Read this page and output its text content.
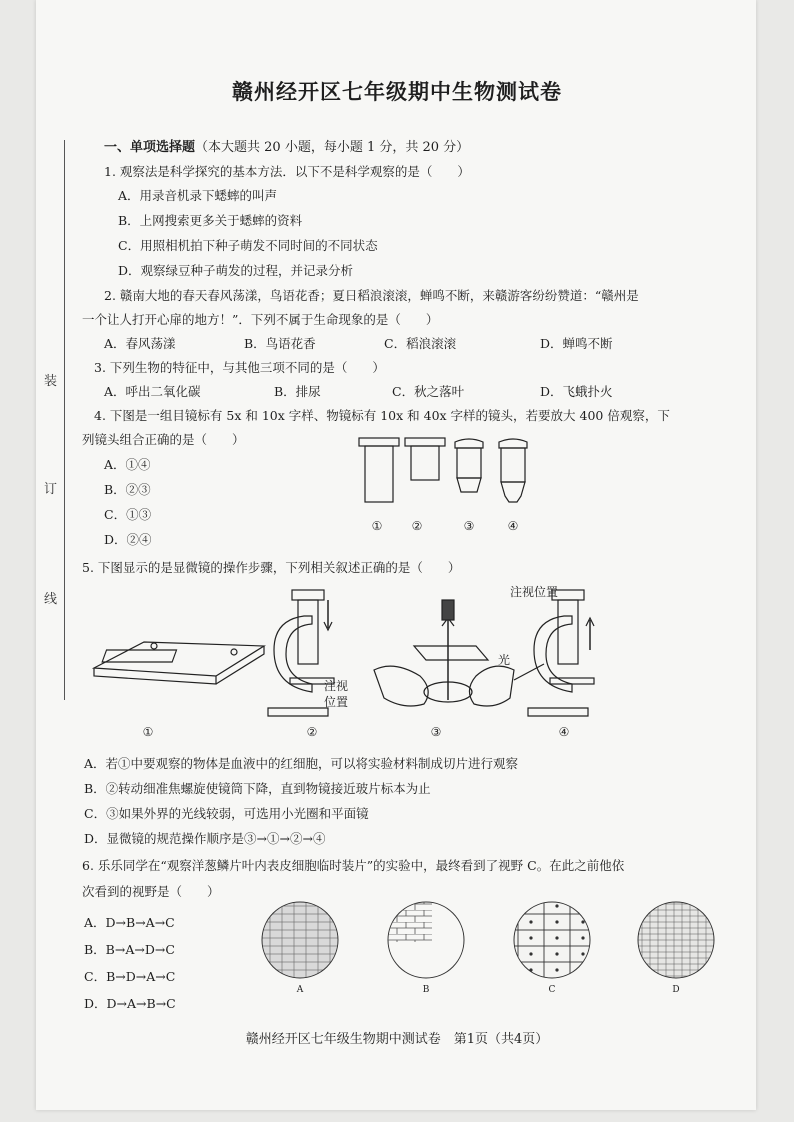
装
订
线
赣州经开区七年级期中生物测试卷
一、单项选择题（本大题共 20 小题，每小题 1 分，共 20 分）
1. 观察法是科学探究的基本方法．以下不是科学观察的是（　　）
A．用录音机录下蟋蟀的叫声
B．上网搜索更多关于蟋蟀的资料
C．用照相机拍下种子萌发不同时间的不同状态
D．观察绿豆种子萌发的过程，并记录分析
2. 赣南大地的春天春风荡漾，鸟语花香；夏日稻浪滚滚，蝉鸣不断，来赣游客纷纷赞道：“赣州是
一个让人打开心扉的地方！”．下列不属于生命现象的是（　　）
A．春风荡漾	B．鸟语花香	C．稻浪滚滚	D．蝉鸣不断
3. 下列生物的特征中，与其他三项不同的是（　　）
A．呼出二氧化碳	B．排尿	C．秋之落叶	D．飞蛾扑火
4. 下图是一组目镜标有 5x 和 10x 字样、物镜标有 10x 和 40x 字样的镜头，若要放大 400 倍观察，下
列镜头组合正确的是（　　）
A．①④
B．②③
C．①③
D．②④
① ②	③	④
5. 下图显示的是显微镜的操作步骤，下列相关叙述正确的是（　　）
注视位置
注视
位置
光
①	②	③	④
A．若①中要观察的物体是血液中的红细胞，可以将实验材料制成切片进行观察
B．②转动细准焦螺旋使镜筒下降，直到物镜接近玻片标本为止
C．③如果外界的光线较弱，可选用小光圈和平面镜
D．显微镜的规范操作顺序是③→①→②→④
6. 乐乐同学在“观察洋葱鳞片叶内表皮细胞临时装片”的实验中，最终看到了视野 C。在此之前他依
次看到的视野是（　　）
A．D→B→A→C
B．B→A→D→C
C．B→D→A→C
D．D→A→B→C
A	B	C	D
赣州经开区七年级生物期中测试卷　第1页（共4页）
